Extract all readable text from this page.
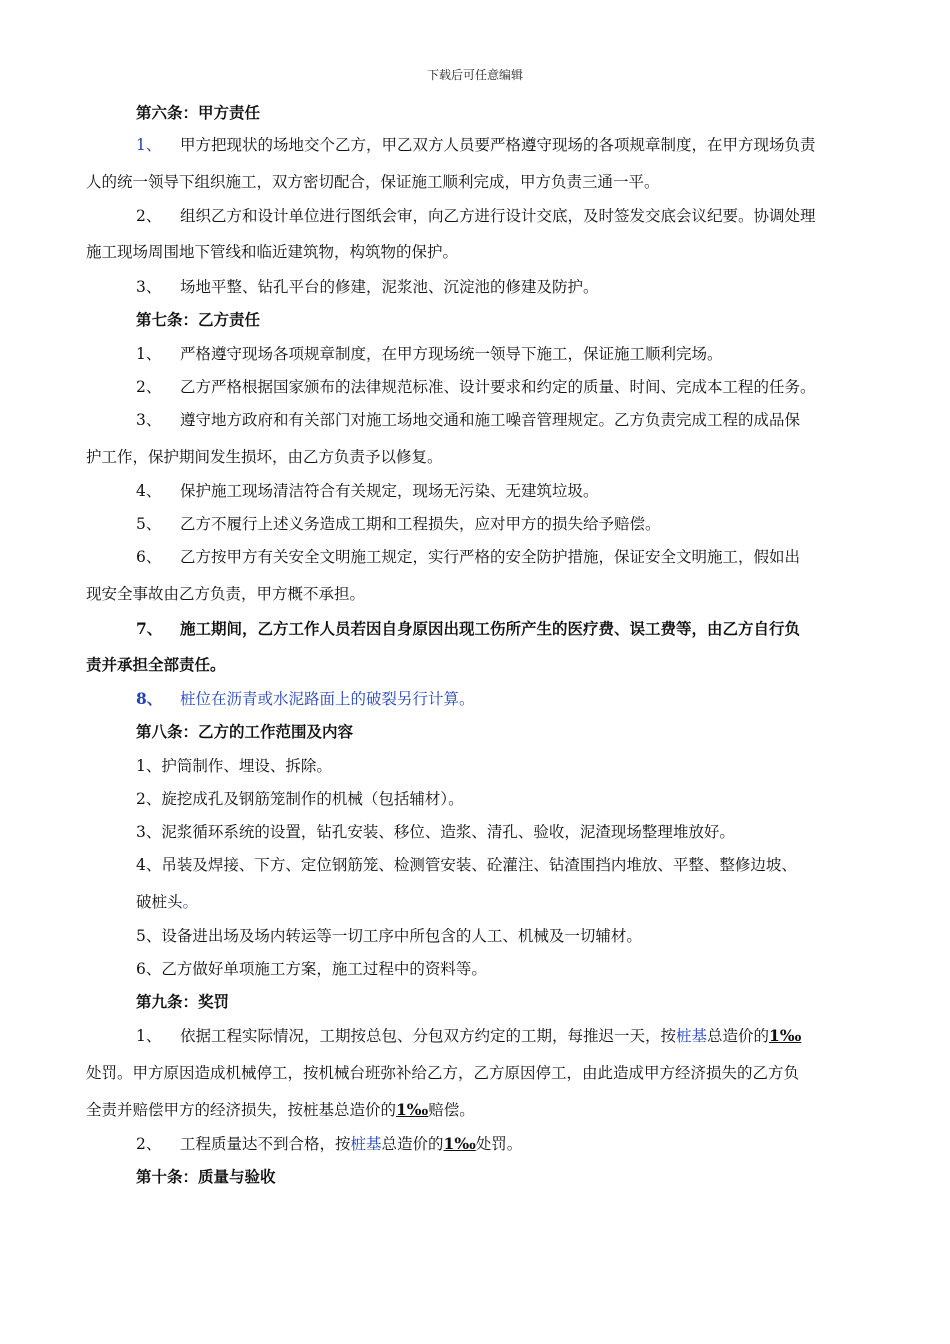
下载后可任意编辑
第六条：甲方责任
1、 甲方把现状的场地交个乙方，甲乙双方人员要严格遵守现场的各项规章制度，在甲方现场负责
人的统一领导下组织施工，双方密切配合，保证施工顺利完成，甲方负责三通一平。
2、 组织乙方和设计单位进行图纸会审，向乙方进行设计交底，及时签发交底会议纪要。协调处理
施工现场周围地下管线和临近建筑物，构筑物的保护。
3、 场地平整、钻孔平台的修建，泥浆池、沉淀池的修建及防护。
第七条：乙方责任
1、 严格遵守现场各项规章制度，在甲方现场统一领导下施工，保证施工顺利完场。
2、 乙方严格根据国家颁布的法律规范标准、设计要求和约定的质量、时间、完成本工程的任务。
3、 遵守地方政府和有关部门对施工场地交通和施工噪音管理规定。乙方负责完成工程的成品保
护工作，保护期间发生损坏，由乙方负责予以修复。
4、 保护施工现场清洁符合有关规定，现场无污染、无建筑垃圾。
5、 乙方不履行上述义务造成工期和工程损失，应对甲方的损失给予赔偿。
6、 乙方按甲方有关安全文明施工规定，实行严格的安全防护措施，保证安全文明施工，假如出
现安全事故由乙方负责，甲方概不承担。
7、 施工期间，乙方工作人员若因自身原因出现工伤所产生的医疗费、误工费等，由乙方自行负
责并承担全部责任。
8、 桩位在沥青或水泥路面上的破裂另行计算。
第八条：乙方的工作范围及内容
1、护筒制作、埋设、拆除。
2、旋挖成孔及钢筋笼制作的机械（包括辅材）。
3、泥浆循环系统的设置，钻孔安装、移位、造浆、清孔、验收，泥渣现场整理堆放好。
4、吊装及焊接、下方、定位钢筋笼、检测管安装、砼灌注、钻渣围挡内堆放、平整、整修边坡、
破桩头。
5、设备进出场及场内转运等一切工序中所包含的人工、机械及一切辅材。
6、乙方做好单项施工方案，施工过程中的资料等。
第九条：奖罚
1、 依据工程实际情况，工期按总包、分包双方约定的工期，每推迟一天，按桩基总造价的1‰
处罚。甲方原因造成机械停工，按机械台班弥补给乙方，乙方原因停工，由此造成甲方经济损失的乙方负
全责并赔偿甲方的经济损失，按桩基总造价的1‰赔偿。
2、 工程质量达不到合格，按桩基总造价的1‰处罚。
第十条：质量与验收
